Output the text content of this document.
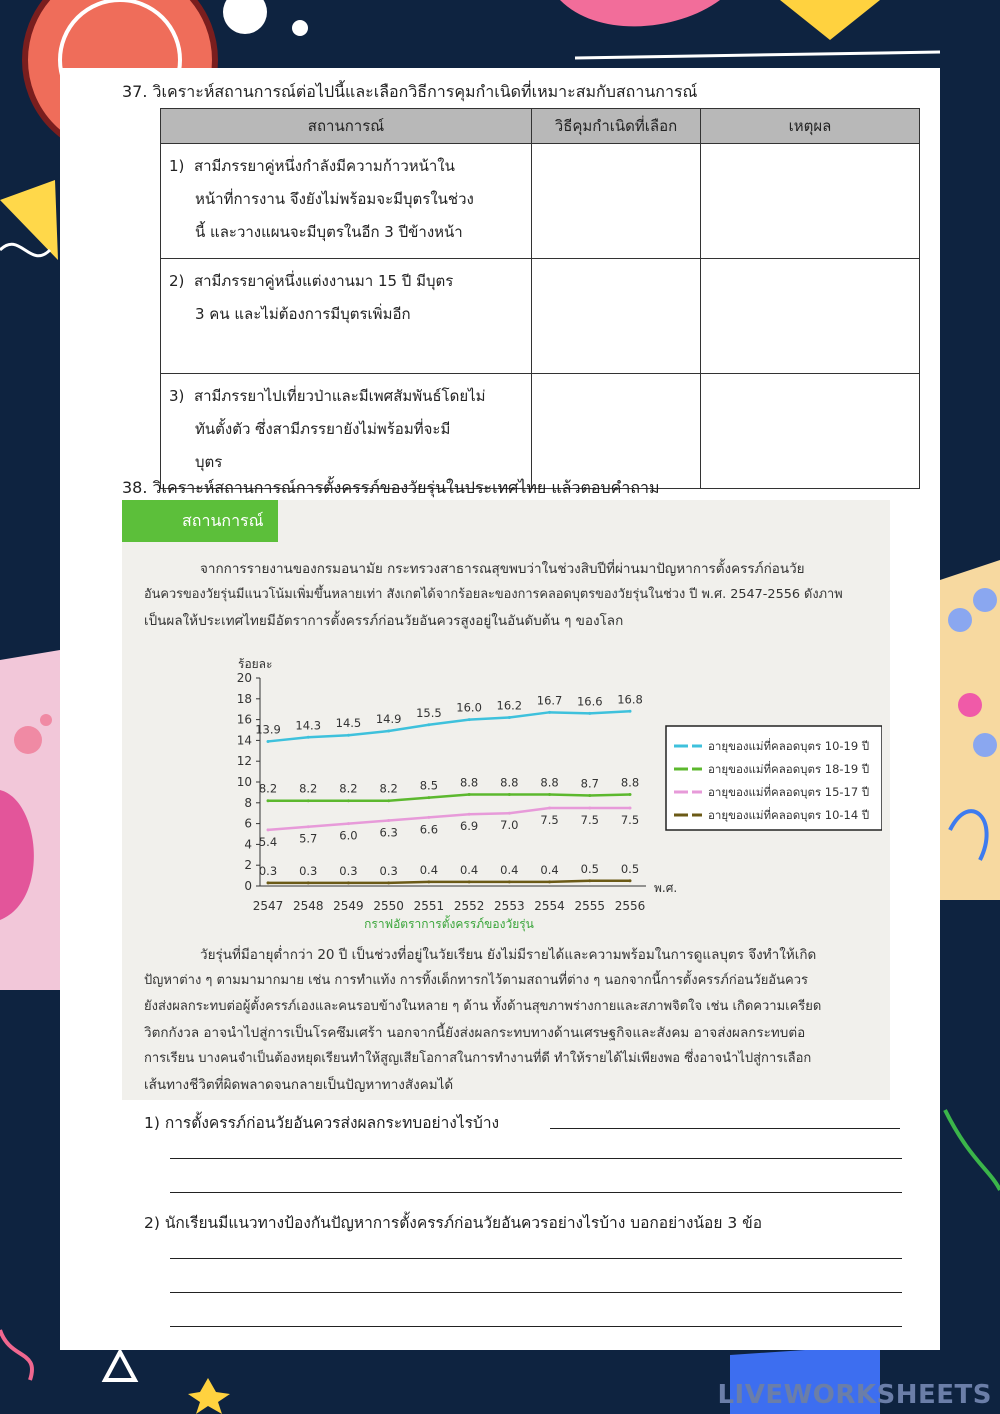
37. วิเคราะห์สถานการณ์ต่อไปนี้และเลือกวิธีการคุมกำเนิดที่เหมาะสมกับสถานการณ์
สถานการณ์	วิธีคุมกำเนิดที่เลือก	เหตุผล
1) สามีภรรยาคู่หนึ่งกำลังมีความก้าวหน้าใน
หน้าที่การงาน จึงยังไม่พร้อมจะมีบุตรในช่วง
นี้ และวางแผนจะมีบุตรในอีก 3 ปีข้างหน้า		
2) สามีภรรยาคู่หนึ่งแต่งงานมา 15 ปี มีบุตร
3 คน และไม่ต้องการมีบุตรเพิ่มอีก		
3) สามีภรรยาไปเที่ยวป่าและมีเพศสัมพันธ์โดยไม่
ทันตั้งตัว ซึ่งสามีภรรยายังไม่พร้อมที่จะมี
บุตร		
38. วิเคราะห์สถานการณ์การตั้งครรภ์ของวัยรุ่นในประเทศไทย แล้วตอบคำถาม
สถานการณ์
จากการรายงานของกรมอนามัย กระทรวงสาธารณสุขพบว่าในช่วงสิบปีที่ผ่านมาปัญหาการตั้งครรภ์ก่อนวัย
อันควรของวัยรุ่นมีแนวโน้มเพิ่มขึ้นหลายเท่า สังเกตได้จากร้อยละของการคลอดบุตรของวัยรุ่นในช่วง ปี พ.ศ. 2547-2556 ดังภาพ
เป็นผลให้ประเทศไทยมีอัตราการตั้งครรภ์ก่อนวัยอันควรสูงอยู่ในอันดับต้น ๆ ของโลก
ร้อยละ
0
2
4
6
8
10
12
14
16
18
20
2547 2548 2549 2550 2551 2552 2553 2554 2555 2556
พ.ศ.
กราฟอัตราการตั้งครรภ์ของวัยรุ่น
13.9 14.3 14.5 14.9 15.5 16.0 16.2 16.7 16.6 16.8
8.2 8.2 8.2 8.2 8.5 8.8 8.8 8.8 8.7 8.8
5.4 5.7 6.0 6.3 6.6 6.9 7.0 7.5 7.5 7.5
0.3 0.3 0.3 0.3 0.4 0.4 0.4 0.4 0.5 0.5
อายุของแม่ที่คลอดบุตร 10-19 ปี
อายุของแม่ที่คลอดบุตร 18-19 ปี
อายุของแม่ที่คลอดบุตร 15-17 ปี
อายุของแม่ที่คลอดบุตร 10-14 ปี
วัยรุ่นที่มีอายุต่ำกว่า 20 ปี เป็นช่วงที่อยู่ในวัยเรียน ยังไม่มีรายได้และความพร้อมในการดูแลบุตร จึงทำให้เกิด
ปัญหาต่าง ๆ ตามมามากมาย เช่น การทำแท้ง การทิ้งเด็กทารกไว้ตามสถานที่ต่าง ๆ นอกจากนี้การตั้งครรภ์ก่อนวัยอันควร
ยังส่งผลกระทบต่อผู้ตั้งครรภ์เองและคนรอบข้างในหลาย ๆ ด้าน ทั้งด้านสุขภาพร่างกายและสภาพจิตใจ เช่น เกิดความเครียด
วิตกกังวล อาจนำไปสู่การเป็นโรคซึมเศร้า นอกจากนี้ยังส่งผลกระทบทางด้านเศรษฐกิจและสังคม อาจส่งผลกระทบต่อ
การเรียน บางคนจำเป็นต้องหยุดเรียนทำให้สูญเสียโอกาสในการทำงานที่ดี ทำให้รายได้ไม่เพียงพอ ซึ่งอาจนำไปสู่การเลือก
เส้นทางชีวิตที่ผิดพลาดจนกลายเป็นปัญหาทางสังคมได้
1) การตั้งครรภ์ก่อนวัยอันควรส่งผลกระทบอย่างไรบ้าง
2) นักเรียนมีแนวทางป้องกันปัญหาการตั้งครรภ์ก่อนวัยอันควรอย่างไรบ้าง บอกอย่างน้อย 3 ข้อ
LIVEWORKSHEETS
